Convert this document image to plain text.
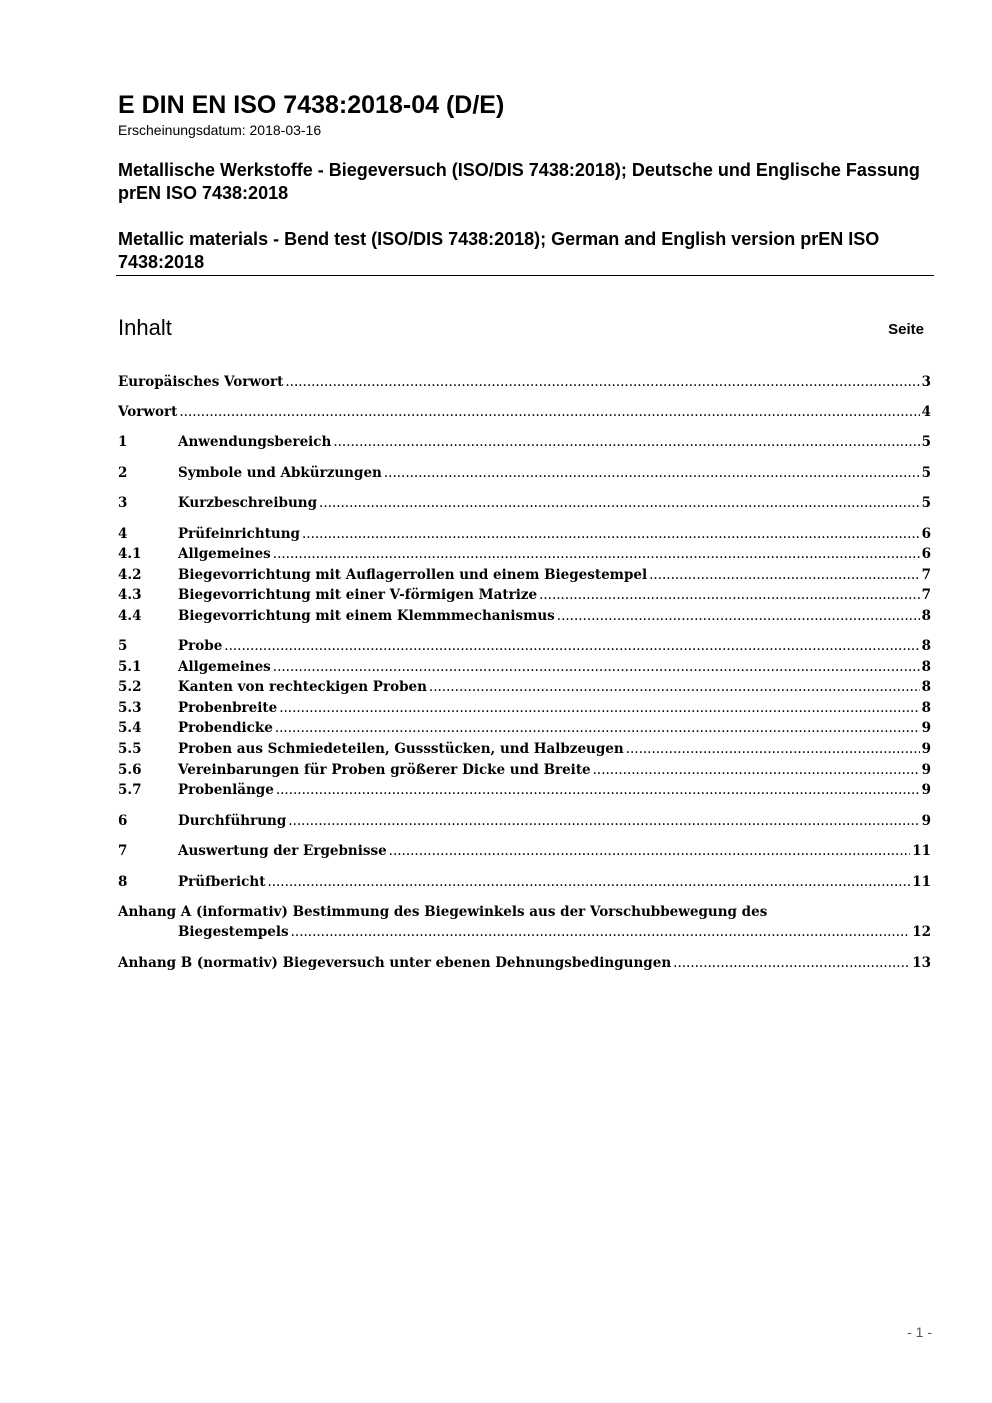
E DIN EN ISO 7438:2018-04 (D/E)
Erscheinungsdatum: 2018-03-16
Metallische Werkstoffe - Biegeversuch (ISO/DIS 7438:2018); Deutsche und Englische Fassung prEN ISO 7438:2018
Metallic materials - Bend test (ISO/DIS 7438:2018); German and English version prEN ISO 7438:2018
Inhalt	Seite
Europäisches Vorwort .....	3
Vorwort .....	4
1	Anwendungsbereich .....	5
2	Symbole und Abkürzungen .....	5
3	Kurzbeschreibung .....	5
4	Prüfeinrichtung .....	6
4.1	Allgemeines .....	6
4.2	Biegevorrichtung mit Auflagerrollen und einem Biegestempel .....	7
4.3	Biegevorrichtung mit einer V-förmigen Matrize .....	7
4.4	Biegevorrichtung mit einem Klemmmechanismus .....	8
5	Probe .....	8
5.1	Allgemeines .....	8
5.2	Kanten von rechteckigen Proben .....	8
5.3	Probenbreite .....	8
5.4	Probendicke .....	9
5.5	Proben aus Schmiedeteilen, Gussstücken, und Halbzeugen .....	9
5.6	Vereinbarungen für Proben größerer Dicke und Breite .....	9
5.7	Probenlänge .....	9
6	Durchführung .....	9
7	Auswertung der Ergebnisse .....	11
8	Prüfbericht .....	11
Anhang A (informativ) Bestimmung des Biegewinkels aus der Vorschubbewegung des
Biegestempels .....	12
Anhang B (normativ) Biegeversuch unter ebenen Dehnungsbedingungen .....	13
- 1 -
